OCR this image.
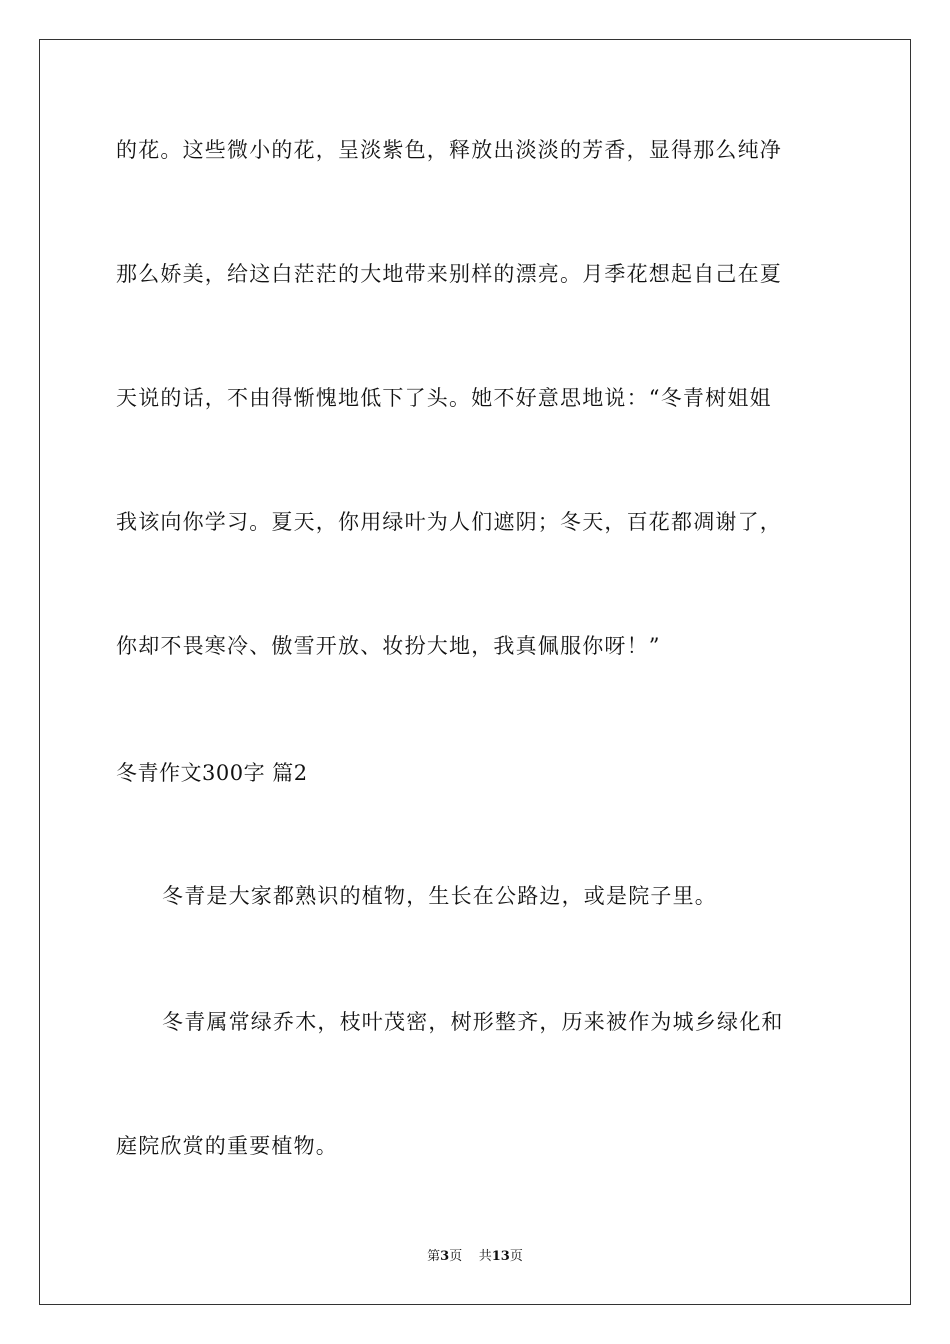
的花。这些微小的花，呈淡紫色，释放出淡淡的芳香，显得那么纯净
那么娇美，给这白茫茫的大地带来别样的漂亮。月季花想起自己在夏
天说的话，不由得惭愧地低下了头。她不好意思地说：“冬青树姐姐
我该向你学习。夏天，你用绿叶为人们遮阴；冬天，百花都凋谢了，
你却不畏寒冷、傲雪开放、妆扮大地，我真佩服你呀！”
冬青作文300字 篇2
冬青是大家都熟识的植物，生长在公路边，或是院子里。
冬青属常绿乔木，枝叶茂密，树形整齐，历来被作为城乡绿化和
庭院欣赏的重要植物。
第3页 共13页
